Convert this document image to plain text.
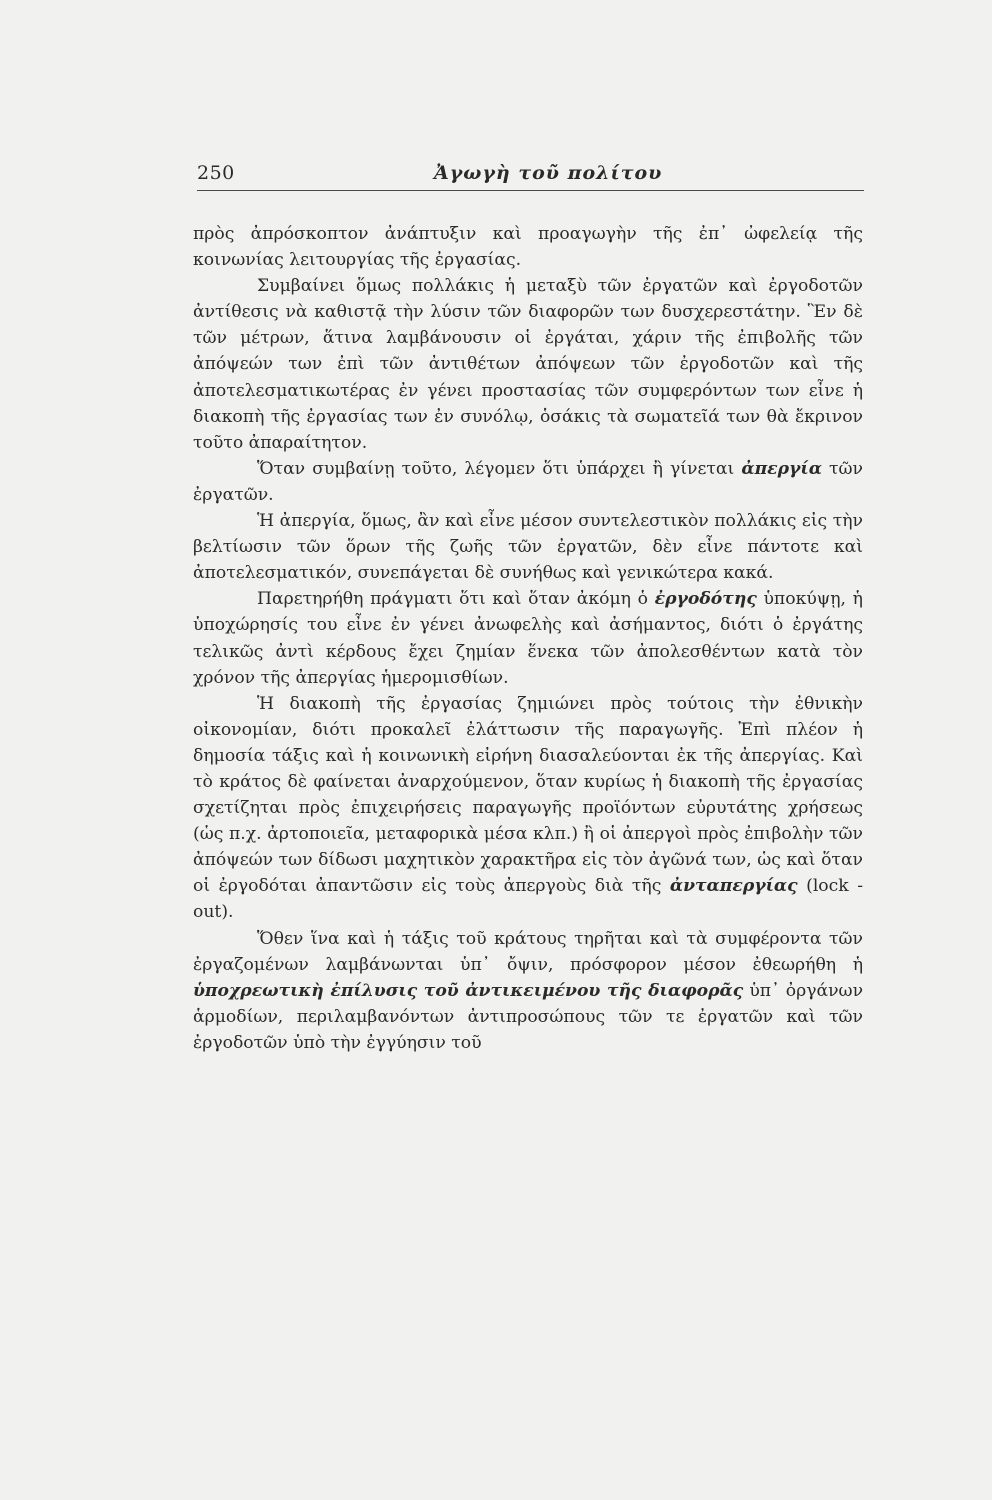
250	Ἀγωγὴ τοῦ πολίτου

πρὸς ἀπρόσκοπτον ἀνάπτυξιν καὶ προαγωγὴν τῆς ἐπ᾽ ὠφελείᾳ τῆς κοινωνίας λειτουργίας τῆς ἐργασίας.

Συμβαίνει ὅμως πολλάκις ἡ μεταξὺ τῶν ἐργατῶν καὶ ἐργοδοτῶν ἀντίθεσις νὰ καθιστᾷ τὴν λύσιν τῶν διαφορῶν των δυσχερεστάτην. Ἓν δὲ τῶν μέτρων, ἅτινα λαμβάνουσιν οἱ ἐργάται, χάριν τῆς ἐπιβολῆς τῶν ἀπόψεών των ἐπὶ τῶν ἀντιθέτων ἀπόψεων τῶν ἐργοδοτῶν καὶ τῆς ἀποτελεσματικωτέρας ἐν γένει προστασίας τῶν συμφερόντων των εἶνε ἡ διακοπὴ τῆς ἐργασίας των ἐν συνόλῳ, ὁσάκις τὰ σωματεῖά των θὰ ἔκρινον τοῦτο ἀπαραίτητον.

Ὅταν συμβαίνῃ τοῦτο, λέγομεν ὅτι ὑπάρχει ἢ γίνεται ἀπεργία τῶν ἐργατῶν.

Ἡ ἀπεργία, ὅμως, ἂν καὶ εἶνε μέσον συντελεστικὸν πολλάκις εἰς τὴν βελτίωσιν τῶν ὅρων τῆς ζωῆς τῶν ἐργατῶν, δὲν εἶνε πάντοτε καὶ ἀποτελεσματικόν, συνεπάγεται δὲ συνήθως καὶ γενικώτερα κακά.

Παρετηρήθη πράγματι ὅτι καὶ ὅταν ἀκόμη ὁ ἐργοδότης ὑποκύψῃ, ἡ ὑποχώρησίς του εἶνε ἐν γένει ἀνωφελὴς καὶ ἀσήμαντος, διότι ὁ ἐργάτης τελικῶς ἀντὶ κέρδους ἔχει ζημίαν ἕνεκα τῶν ἀπολεσθέντων κατὰ τὸν χρόνον τῆς ἀπεργίας ἡμερομισθίων.

Ἡ διακοπὴ τῆς ἐργασίας ζημιώνει πρὸς τούτοις τὴν ἐθνικὴν οἰκονομίαν, διότι προκαλεῖ ἐλάττωσιν τῆς παραγωγῆς. Ἐπὶ πλέον ἡ δημοσία τάξις καὶ ἡ κοινωνικὴ εἰρήνη διασαλεύονται ἐκ τῆς ἀπεργίας. Καὶ τὸ κράτος δὲ φαίνεται ἀναρχούμενον, ὅταν κυρίως ἡ διακοπὴ τῆς ἐργασίας σχετίζηται πρὸς ἐπιχειρήσεις παραγωγῆς προϊόντων εὐρυτάτης χρήσεως (ὡς π.χ. ἀρτοποιεῖα, μεταφορικὰ μέσα κλπ.) ἢ οἱ ἀπεργοὶ πρὸς ἐπιβολὴν τῶν ἀπόψεών των δίδωσι μαχητικὸν χαρακτῆρα εἰς τὸν ἀγῶνά των, ὡς καὶ ὅταν οἱ ἐργοδόται ἀπαντῶσιν εἰς τοὺς ἀπεργοὺς διὰ τῆς ἀνταπεργίας (lock - out).

Ὅθεν ἵνα καὶ ἡ τάξις τοῦ κράτους τηρῆται καὶ τὰ συμφέροντα τῶν ἐργαζομένων λαμβάνωνται ὑπ᾽ ὄψιν, πρόσφορον μέσον ἐθεωρήθη ἡ ὑποχρεωτικὴ ἐπίλυσις τοῦ ἀντικειμένου τῆς διαφορᾶς ὑπ᾽ ὀργάνων ἁρμοδίων, περιλαμβανόντων ἀντιπροσώπους τῶν τε ἐργατῶν καὶ τῶν ἐργοδοτῶν ὑπὸ τὴν ἐγγύησιν τοῦ
